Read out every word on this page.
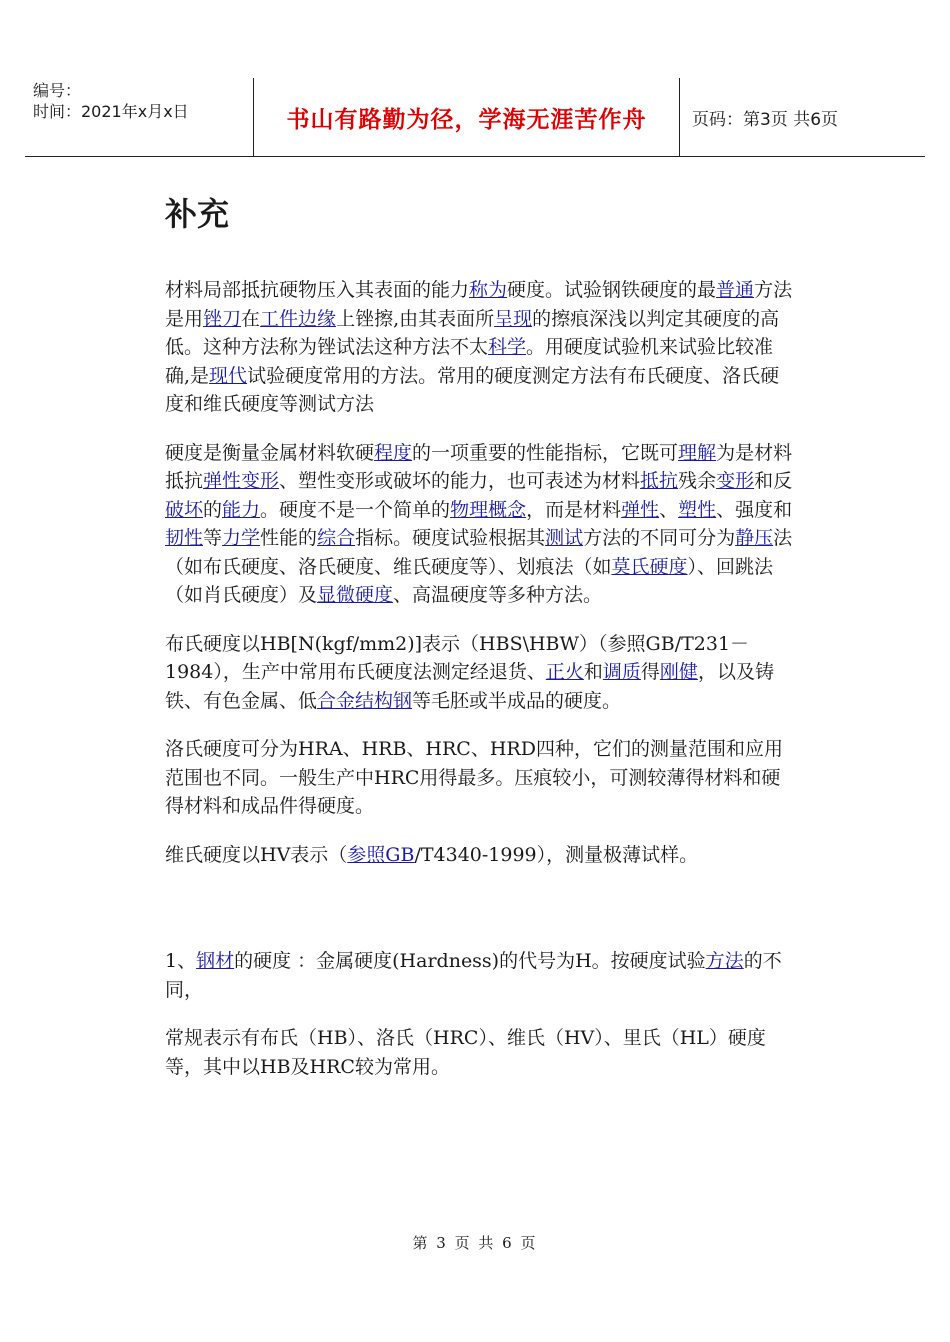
编号：
时间：2021年x月x日	书山有路勤为径，学海无涯苦作舟	页码：第3页 共6页
补充

材料局部抵抗硬物压入其表面的能力称为硬度。试验钢铁硬度的最普通方法是用锉刀在工件边缘上锉擦,由其表面所呈现的擦痕深浅以判定其硬度的高低。这种方法称为锉试法这种方法不太科学。用硬度试验机来试验比较准确,是现代试验硬度常用的方法。常用的硬度测定方法有布氏硬度、洛氏硬度和维氏硬度等测试方法

硬度是衡量金属材料软硬程度的一项重要的性能指标，它既可理解为是材料抵抗弹性变形、塑性变形或破坏的能力，也可表述为材料抵抗残余变形和反破坏的能力。硬度不是一个简单的物理概念，而是材料弹性、塑性、强度和韧性等力学性能的综合指标。硬度试验根据其测试方法的不同可分为静压法（如布氏硬度、洛氏硬度、维氏硬度等）、划痕法（如莫氏硬度）、回跳法（如肖氏硬度）及显微硬度、高温硬度等多种方法。

布氏硬度以HB[N(kgf/mm2)]表示（HBS\HBW）（参照GB/T231－1984），生产中常用布氏硬度法测定经退货、正火和调质得刚健，以及铸铁、有色金属、低合金结构钢等毛胚或半成品的硬度。

洛氏硬度可分为HRA、HRB、HRC、HRD四种，它们的测量范围和应用范围也不同。一般生产中HRC用得最多。压痕较小，可测较薄得材料和硬得材料和成品件得硬度。

维氏硬度以HV表示（参照GB/T4340-1999），测量极薄试样。

1、钢材的硬度 ：金属硬度(Hardness)的代号为H。按硬度试验方法的不同，

常规表示有布氏（HB）、洛氏（HRC）、维氏（HV）、里氏（HL）硬度等，其中以HB及HRC较为常用。

第 3 页 共 6 页
